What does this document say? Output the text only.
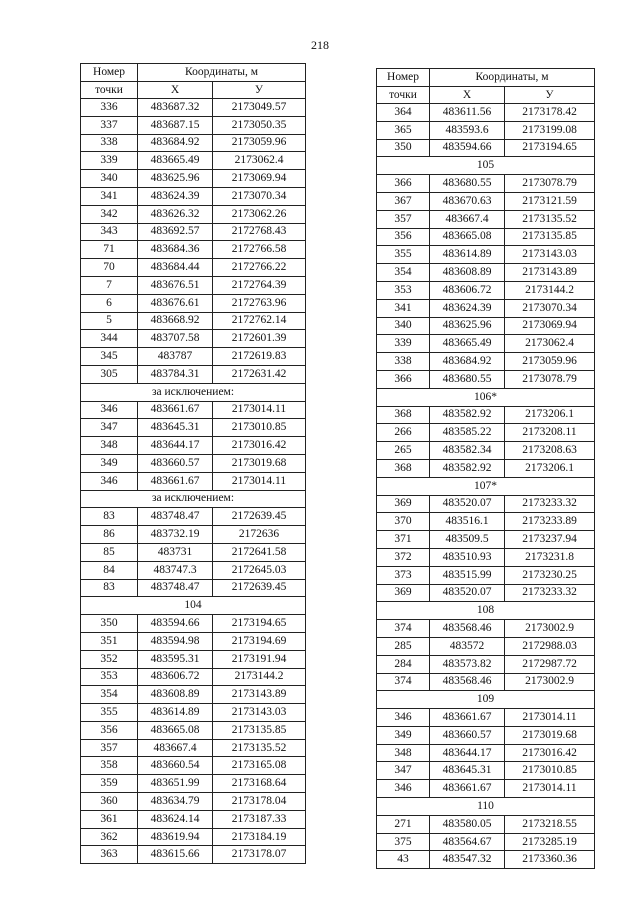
218
Номер	Координаты, м	
точки	Х	У
336	483687.32	2173049.57
337	483687.15	2173050.35
338	483684.92	2173059.96
339	483665.49	2173062.4
340	483625.96	2173069.94
341	483624.39	2173070.34
342	483626.32	2173062.26
343	483692.57	2172768.43
71	483684.36	2172766.58
70	483684.44	2172766.22
7	483676.51	2172764.39
6	483676.61	2172763.96
5	483668.92	2172762.14
344	483707.58	2172601.39
345	483787	2172619.83
305	483784.31	2172631.42
за исключением:		
346	483661.67	2173014.11
347	483645.31	2173010.85
348	483644.17	2173016.42
349	483660.57	2173019.68
346	483661.67	2173014.11
за исключением:		
83	483748.47	2172639.45
86	483732.19	2172636
85	483731	2172641.58
84	483747.3	2172645.03
83	483748.47	2172639.45
104		
350	483594.66	2173194.65
351	483594.98	2173194.69
352	483595.31	2173191.94
353	483606.72	2173144.2
354	483608.89	2173143.89
355	483614.89	2173143.03
356	483665.08	2173135.85
357	483667.4	2173135.52
358	483660.54	2173165.08
359	483651.99	2173168.64
360	483634.79	2173178.04
361	483624.14	2173187.33
362	483619.94	2173184.19
363	483615.66	2173178.07
Номер	Координаты, м	
точки	Х	У
364	483611.56	2173178.42
365	483593.6	2173199.08
350	483594.66	2173194.65
105		
366	483680.55	2173078.79
367	483670.63	2173121.59
357	483667.4	2173135.52
356	483665.08	2173135.85
355	483614.89	2173143.03
354	483608.89	2173143.89
353	483606.72	2173144.2
341	483624.39	2173070.34
340	483625.96	2173069.94
339	483665.49	2173062.4
338	483684.92	2173059.96
366	483680.55	2173078.79
106*		
368	483582.92	2173206.1
266	483585.22	2173208.11
265	483582.34	2173208.63
368	483582.92	2173206.1
107*		
369	483520.07	2173233.32
370	483516.1	2173233.89
371	483509.5	2173237.94
372	483510.93	2173231.8
373	483515.99	2173230.25
369	483520.07	2173233.32
108		
374	483568.46	2173002.9
285	483572	2172988.03
284	483573.82	2172987.72
374	483568.46	2173002.9
109		
346	483661.67	2173014.11
349	483660.57	2173019.68
348	483644.17	2173016.42
347	483645.31	2173010.85
346	483661.67	2173014.11
110		
271	483580.05	2173218.55
375	483564.67	2173285.19
43	483547.32	2173360.36
